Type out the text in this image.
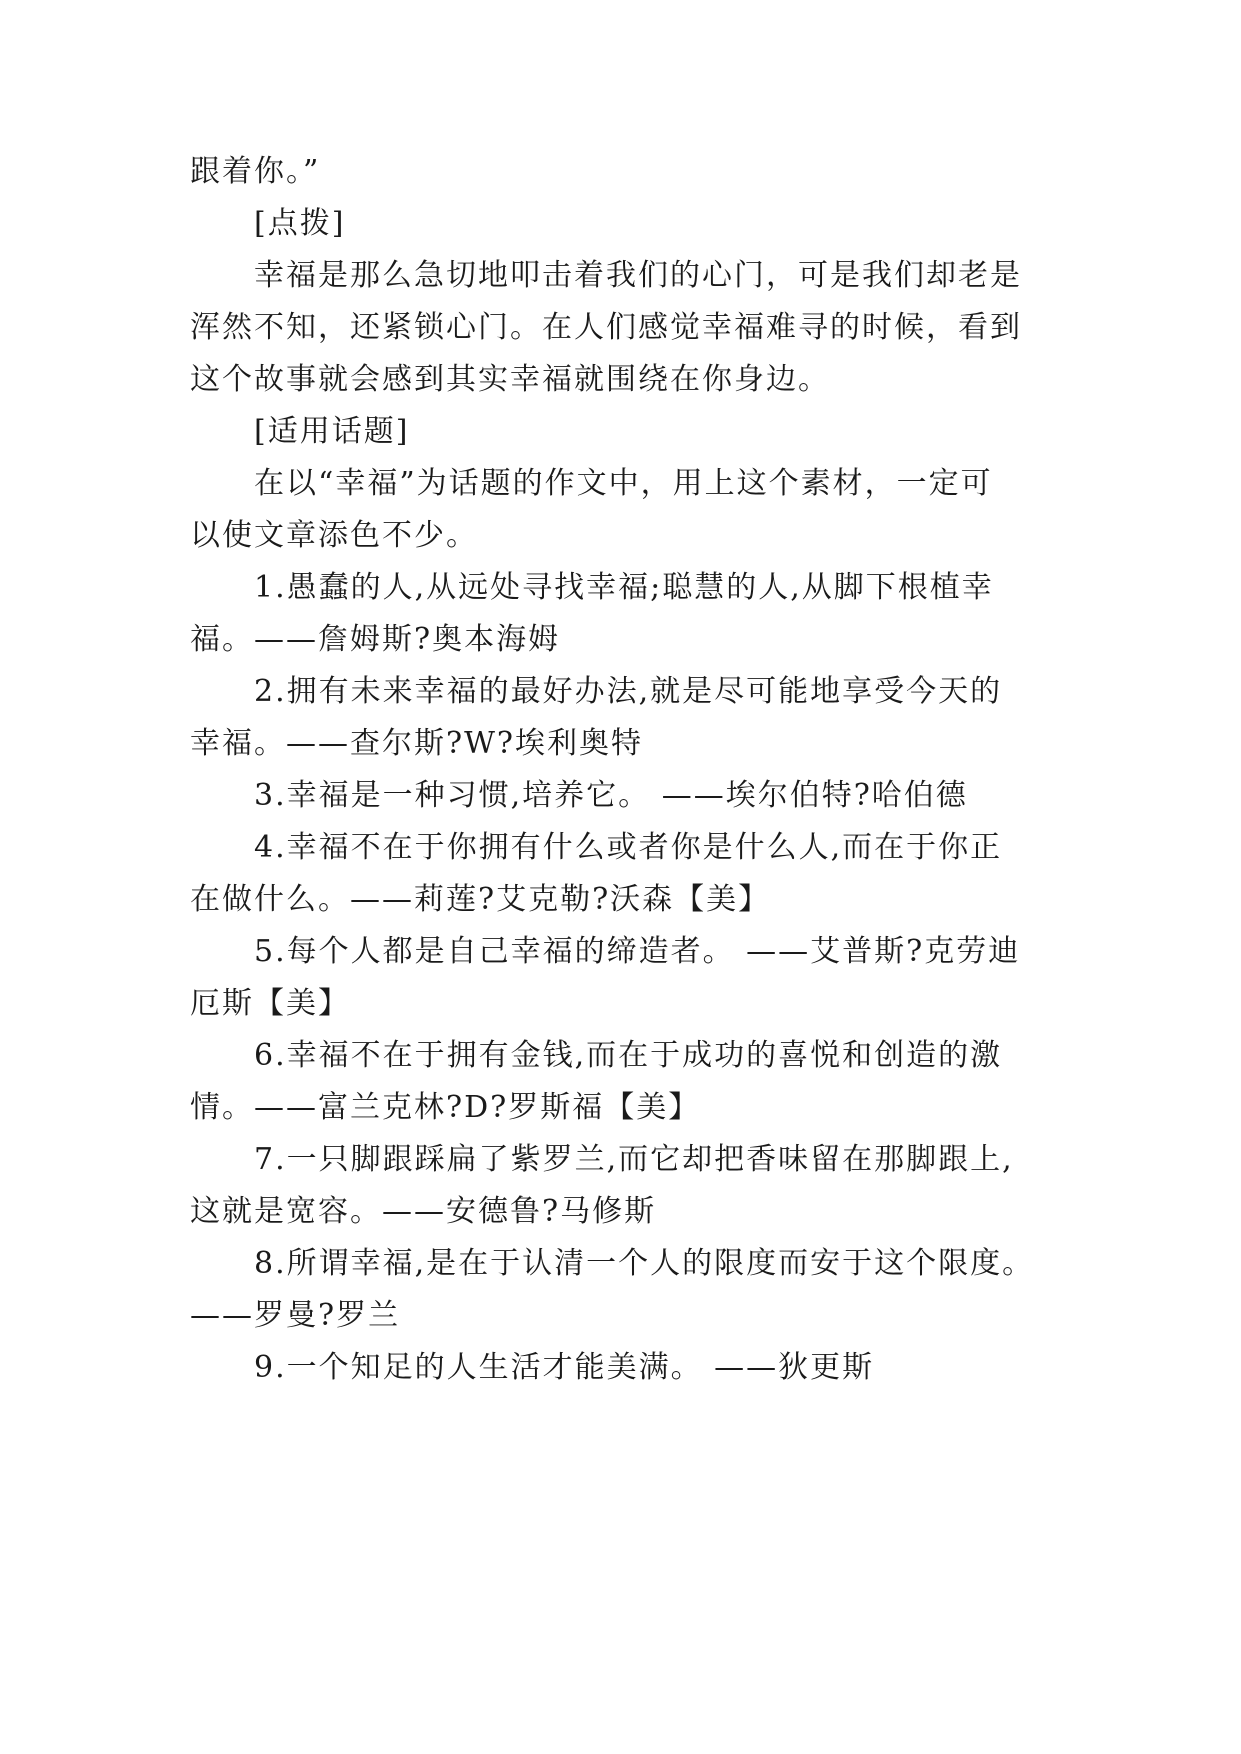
跟着你。”
[点拨]
幸福是那么急切地叩击着我们的心门，可是我们却老是
浑然不知，还紧锁心门。在人们感觉幸福难寻的时候，看到
这个故事就会感到其实幸福就围绕在你身边。
[适用话题]
在以“幸福”为话题的作文中，用上这个素材，一定可
以使文章添色不少。
1.愚蠢的人,从远处寻找幸福;聪慧的人,从脚下根植幸
福。——詹姆斯?奥本海姆
2.拥有未来幸福的最好办法,就是尽可能地享受今天的
幸福。——查尔斯?W?埃利奥特
3.幸福是一种习惯,培养它。 ——埃尔伯特?哈伯德
4.幸福不在于你拥有什么或者你是什么人,而在于你正
在做什么。——莉莲?艾克勒?沃森【美】
5.每个人都是自己幸福的缔造者。 ——艾普斯?克劳迪
厄斯【美】
6.幸福不在于拥有金钱,而在于成功的喜悦和创造的激
情。——富兰克林?D?罗斯福【美】
7.一只脚跟踩扁了紫罗兰,而它却把香味留在那脚跟上,
这就是宽容。——安德鲁?马修斯
8.所谓幸福,是在于认清一个人的限度而安于这个限度。
——罗曼?罗兰
9.一个知足的人生活才能美满。 ——狄更斯
